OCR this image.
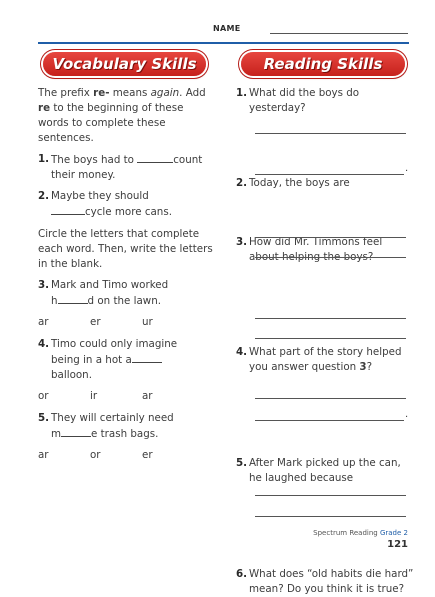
NAME
Vocabulary Skills	Reading Skills

The prefix re- means again. Add re to the beginning of these words to complete these sentences.

1. The boys had to	count their money.
2. Maybe they should
cycle more cans.

Circle the letters that complete each word. Then, write the letters in the blank.

3. Mark and Timo worked
h	d on the lawn.
ar	er	ur
4. Timo could only imagine
being in a hot a
balloon.
or	ir	ar
5. They will certainly need
m	e trash bags.
ar	or	er
1. What did the boys do yesterday?
2. Today, the boys are
.
3. How did Mr. Timmons feel about helping the boys?
4. What part of the story helped you answer question 3?
5. After Mark picked up the can, he laughed because
.
6. What does “old habits die hard” mean? Do you think it is true?
Spectrum Reading Grade 2
121
